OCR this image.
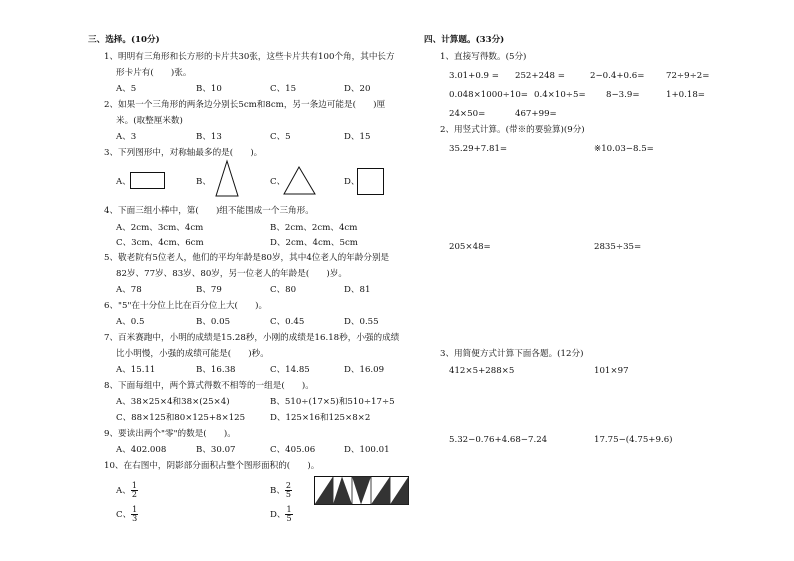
三、选择。(10分)
1、明明有三角形和长方形的卡片共30张，这些卡片共有100个角，其中长方
形卡片有(　　)张。
A、5	B、10	C、15	D、20
2、如果一个三角形的两条边分别长5cm和8cm，另一条边可能是(　　)厘
米。(取整厘米数)
A、3	B、13	C、5	D、15
3、下列图形中，对称轴最多的是(　　)。
A、	B、	C、	D、
4、下面三组小棒中，第(　　)组不能围成一个三角形。
A、2cm、3cm、4cm	B、2cm、2cm、4cm
C、3cm、4cm、6cm	D、2cm、4cm、5cm
5、敬老院有5位老人，他们的平均年龄是80岁，其中4位老人的年龄分别是
82岁、77岁、83岁、80岁，另一位老人的年龄是(　　)岁。
A、78	B、79	C、80	D、81
6、"5"在十分位上比在百分位上大(　　)。
A、0.5	B、0.05	C、0.45	D、0.55
7、百米赛跑中，小明的成绩是15.28秒，小刚的成绩是16.18秒，小强的成绩
比小明慢，小强的成绩可能是(　　)秒。
A、15.11	B、16.38	C、14.85	D、16.09
8、下面每组中，两个算式得数不相等的一组是(　　)。
A、38×25×4和38×(25×4)	B、510÷(17×5)和510÷17÷5
C、88×125和80×125+8×125	D、125×16和125×8×2
9、要读出两个"零"的数是(　　)。
A、402.008	B、30.07	C、405.06	D、100.01
10、在右图中，阴影部分面积占整个图形面积的(　　)。
A、 $\frac{1}{2}$	B、 $\frac{2}{5}$
C、 $\frac{1}{3}$	D、 $\frac{1}{5}$
四、计算题。(33分)
1、直接写得数。(5分)
3.01+0.9 = 252+248 =	2−0.4+0.6=	72÷9÷2=
0.048×1000÷10= 0.4×10÷5= 8−3.9=	1+0.18=
24×50=	467+99=
2、用竖式计算。(带※的要验算)(9分)
35.29+7.81=	※10.03−8.5=
205×48=	2835÷35=
3、用简便方式计算下面各题。(12分)
412×5+288×5	101×97
5.32−0.76+4.68−7.24	17.75−(4.75+9.6)
